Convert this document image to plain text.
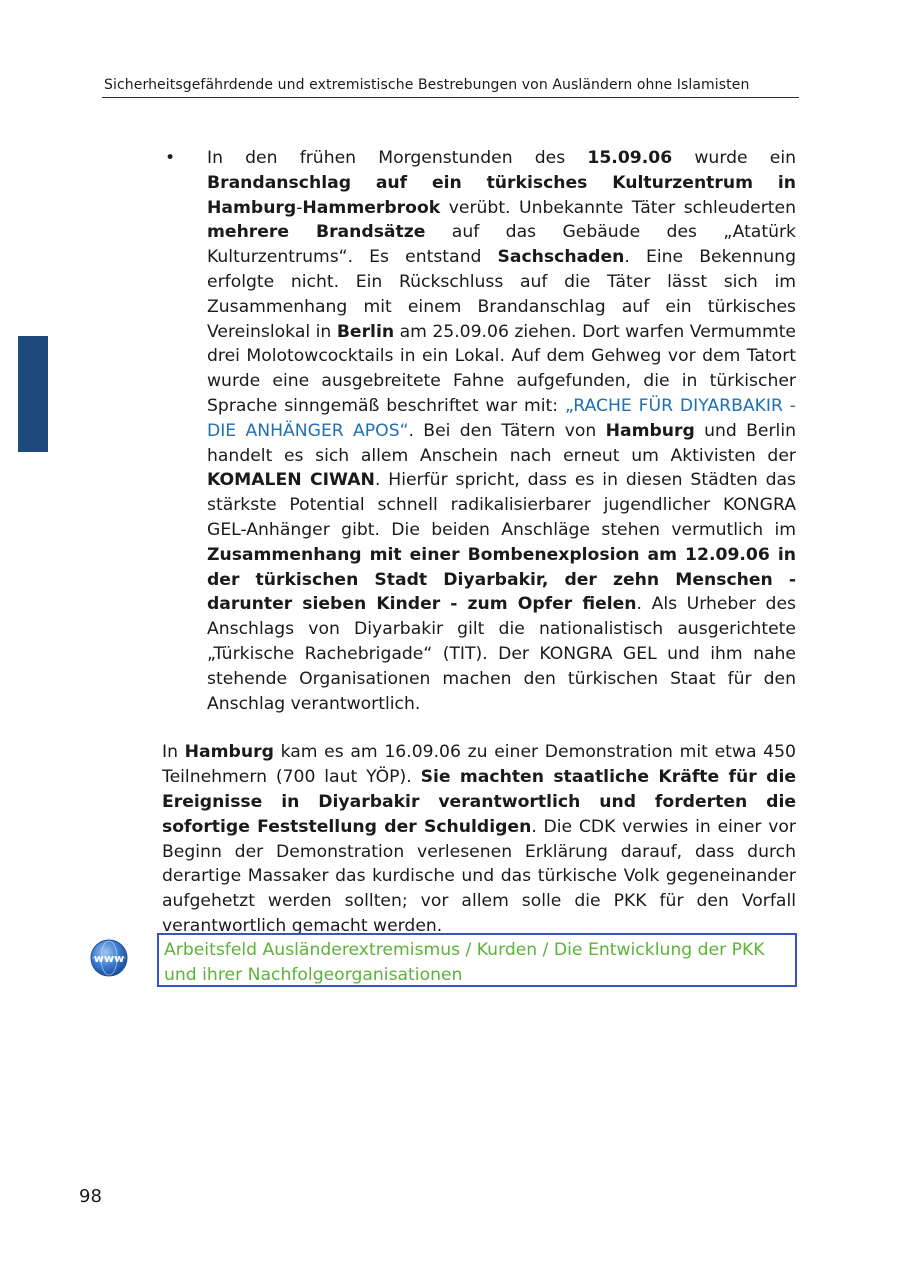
Sicherheitsgefährdende und extremistische Bestrebungen von Ausländern ohne Islamisten
• In den frühen Morgenstunden des 15.09.06 wurde ein Brandanschlag auf ein türkisches Kulturzentrum in Hamburg-Hammerbrook verübt. Unbekannte Täter schleuderten mehrere Brandsätze auf das Gebäude des „Atatürk Kulturzentrums“. Es entstand Sachschaden. Eine Bekennung erfolgte nicht. Ein Rückschluss auf die Täter lässt sich im Zusammenhang mit einem Brandanschlag auf ein türkisches Vereinslokal in Berlin am 25.09.06 ziehen. Dort warfen Vermummte drei Molotowcocktails in ein Lokal. Auf dem Gehweg vor dem Tatort wurde eine ausgebreitete Fahne aufgefunden, die in türkischer Sprache sinngemäß beschriftet war mit: „RACHE FÜR DIYARBAKIR - DIE ANHÄNGER APOS“. Bei den Tätern von Hamburg und Berlin handelt es sich allem Anschein nach erneut um Aktivisten der KOMALEN CIWAN. Hierfür spricht, dass es in diesen Städten das stärkste Potential schnell radikalisierbarer jugendlicher KONGRA GEL-Anhänger gibt. Die beiden Anschläge stehen vermutlich im Zusammenhang mit einer Bombenexplosion am 12.09.06 in der türkischen Stadt Diyarbakir, der zehn Menschen - darunter sieben Kinder - zum Opfer fielen. Als Urheber des Anschlags von Diyarbakir gilt die nationalistisch ausgerichtete „Türkische Rachebrigade“ (TIT). Der KONGRA GEL und ihm nahe stehende Organisationen machen den türkischen Staat für den Anschlag verantwortlich.
In Hamburg kam es am 16.09.06 zu einer Demonstration mit etwa 450 Teilnehmern (700 laut YÖP). Sie machten staatliche Kräfte für die Ereignisse in Diyarbakir verantwortlich und forderten die sofortige Feststellung der Schuldigen. Die CDK verwies in einer vor Beginn der Demonstration verlesenen Erklärung darauf, dass durch derartige Massaker das kurdische und das türkische Volk gegeneinander aufgehetzt werden sollten; vor allem solle die PKK für den Vorfall verantwortlich gemacht werden.
www	Arbeitsfeld Ausländerextremismus / Kurden / Die Entwicklung der PKK und ihrer Nachfolgeorganisationen
98
